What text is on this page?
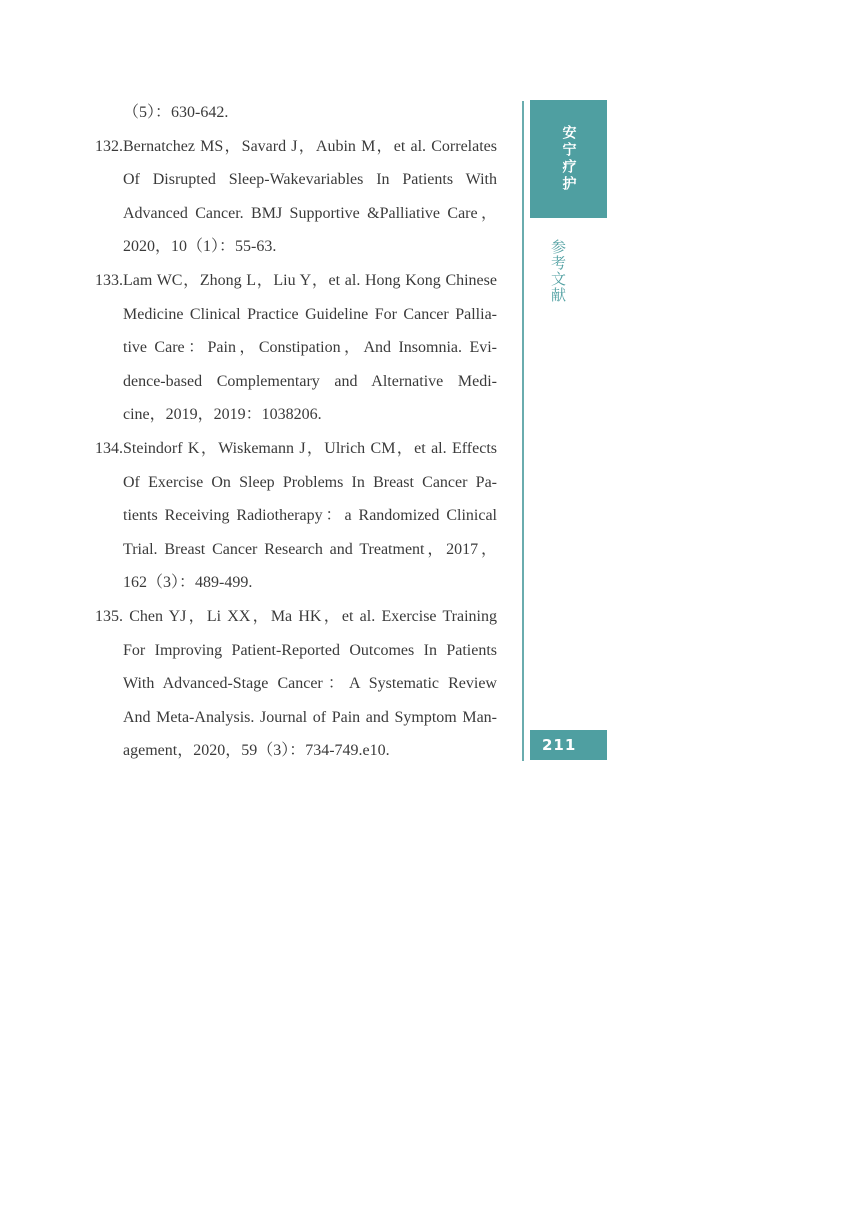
（5）：630-642.
132.Bernatchez MS，Savard J，Aubin M，et al. Correlates
Of Disrupted Sleep-Wakevariables In Patients With
Advanced Cancer. BMJ Supportive &Palliative Care，
2020，10（1）：55-63.
133.Lam WC，Zhong L，Liu Y，et al. Hong Kong Chinese
Medicine Clinical Practice Guideline For Cancer Pallia-
tive Care：Pain，Constipation，And Insomnia. Evi-
dence-based Complementary and Alternative Medi-
cine，2019，2019：1038206.
134.Steindorf K，Wiskemann J，Ulrich CM，et al. Effects
Of Exercise On Sleep Problems In Breast Cancer Pa-
tients Receiving Radiotherapy：a Randomized Clinical
Trial. Breast Cancer Research and Treatment，2017，
162（3）：489-499.
135. Chen YJ，Li XX，Ma HK，et al. Exercise Training
For Improving Patient-Reported Outcomes In Patients
With Advanced-Stage Cancer：A Systematic Review
And Meta-Analysis. Journal of Pain and Symptom Man-
agement，2020，59（3）：734-749.e10.
安宁疗护
参考文献
211
